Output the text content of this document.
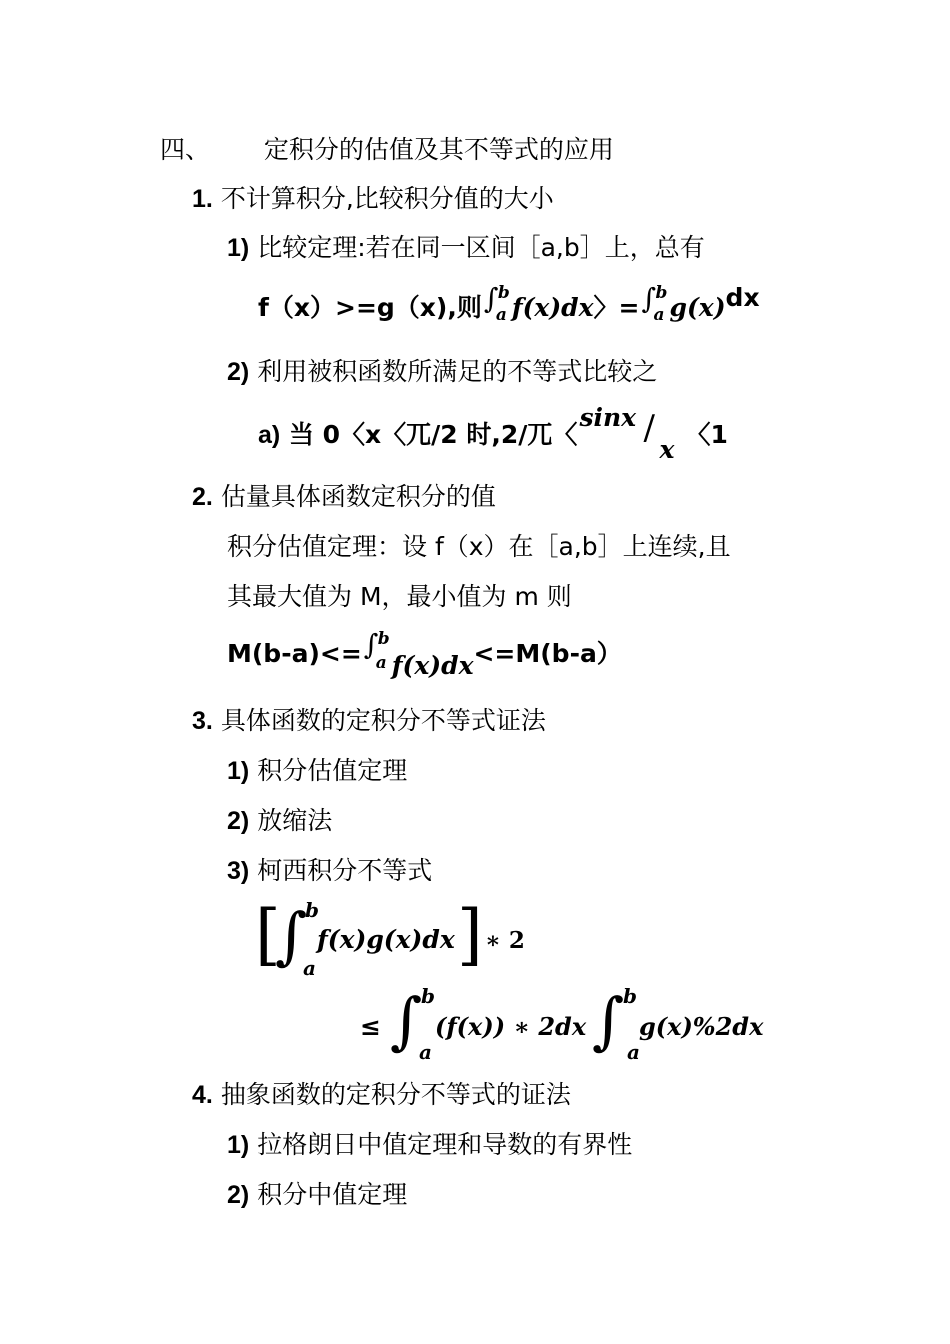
四、 定积分的估值及其不等式的应用
1. 不计算积分,比较积分值的大小
1) 比较定理:若在同一区间［a,b］上，总有
f（x）>=g（x),则 ∫ b
a f(x)dx〉= ∫ b
a g(x)dx
2) 利用被积函数所满足的不等式比较之
a) 当 0〈x〈兀/2 时,2/兀〈
sinx /
x
〈1
2. 估量具体函数定积分的值
积分估值定理：设 f（x）在［a,b］上连续,且
其最大值为 M，最小值为 m 则
M(b-a)<= ∫ b
a f(x)dx<=M(b-a）
3. 具体函数的定积分不等式证法
1) 积分估值定理
2) 放缩法
3) 柯西积分不等式
[
∫
b
a
f(x)g(x)dx ] ∗ 2
≤ ∫
b
a
(f(x)) ∗ 2dx ∫
b
a
g(x)%2dx
4. 抽象函数的定积分不等式的证法
1) 拉格朗日中值定理和导数的有界性
2) 积分中值定理
